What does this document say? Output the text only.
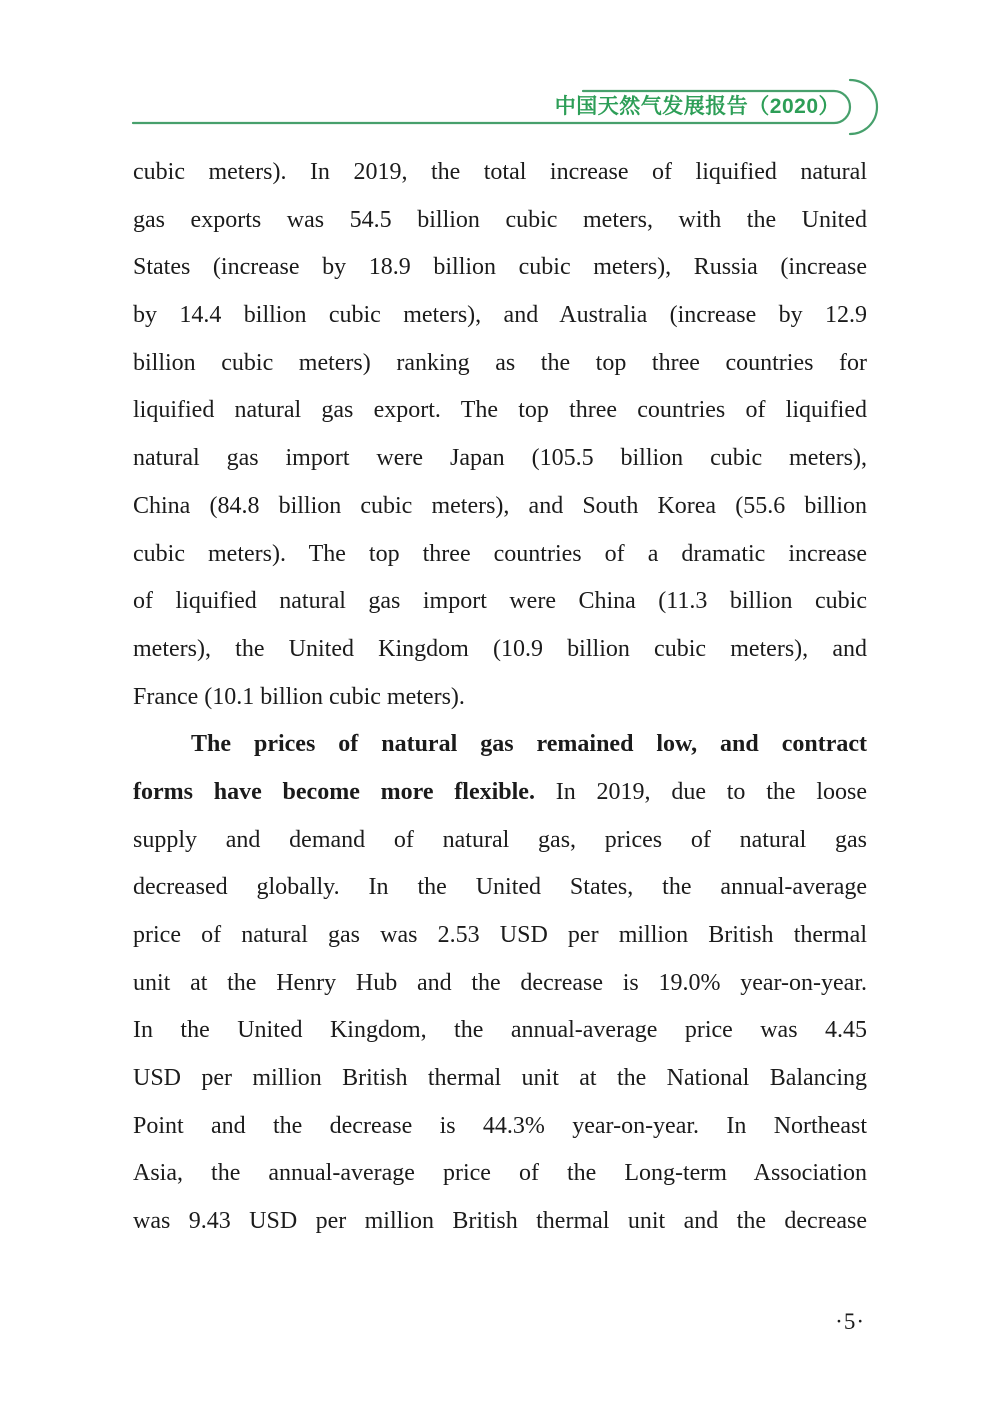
中国天然气发展报告（2020）
cubic meters). In 2019, the total increase of liquified natural
gas exports was 54.5 billion cubic meters, with the United
States (increase by 18.9 billion cubic meters), Russia (increase
by 14.4 billion cubic meters), and Australia (increase by 12.9
billion cubic meters) ranking as the top three countries for
liquified natural gas export. The top three countries of liquified
natural gas import were Japan (105.5 billion cubic meters),
China (84.8 billion cubic meters), and South Korea (55.6 billion
cubic meters). The top three countries of a dramatic increase
of liquified natural gas import were China (11.3 billion cubic
meters), the United Kingdom (10.9 billion cubic meters), and
France (10.1 billion cubic meters).
The prices of natural gas remained low, and contract
forms have become more flexible. In 2019, due to the loose
supply and demand of natural gas, prices of natural gas
decreased globally. In the United States, the annual-average
price of natural gas was 2.53 USD per million British thermal
unit at the Henry Hub and the decrease is 19.0% year-on-year.
In the United Kingdom, the annual-average price was 4.45
USD per million British thermal unit at the National Balancing
Point and the decrease is 44.3% year-on-year. In Northeast
Asia, the annual-average price of the Long-term Association
was 9.43 USD per million British thermal unit and the decrease
·5·
